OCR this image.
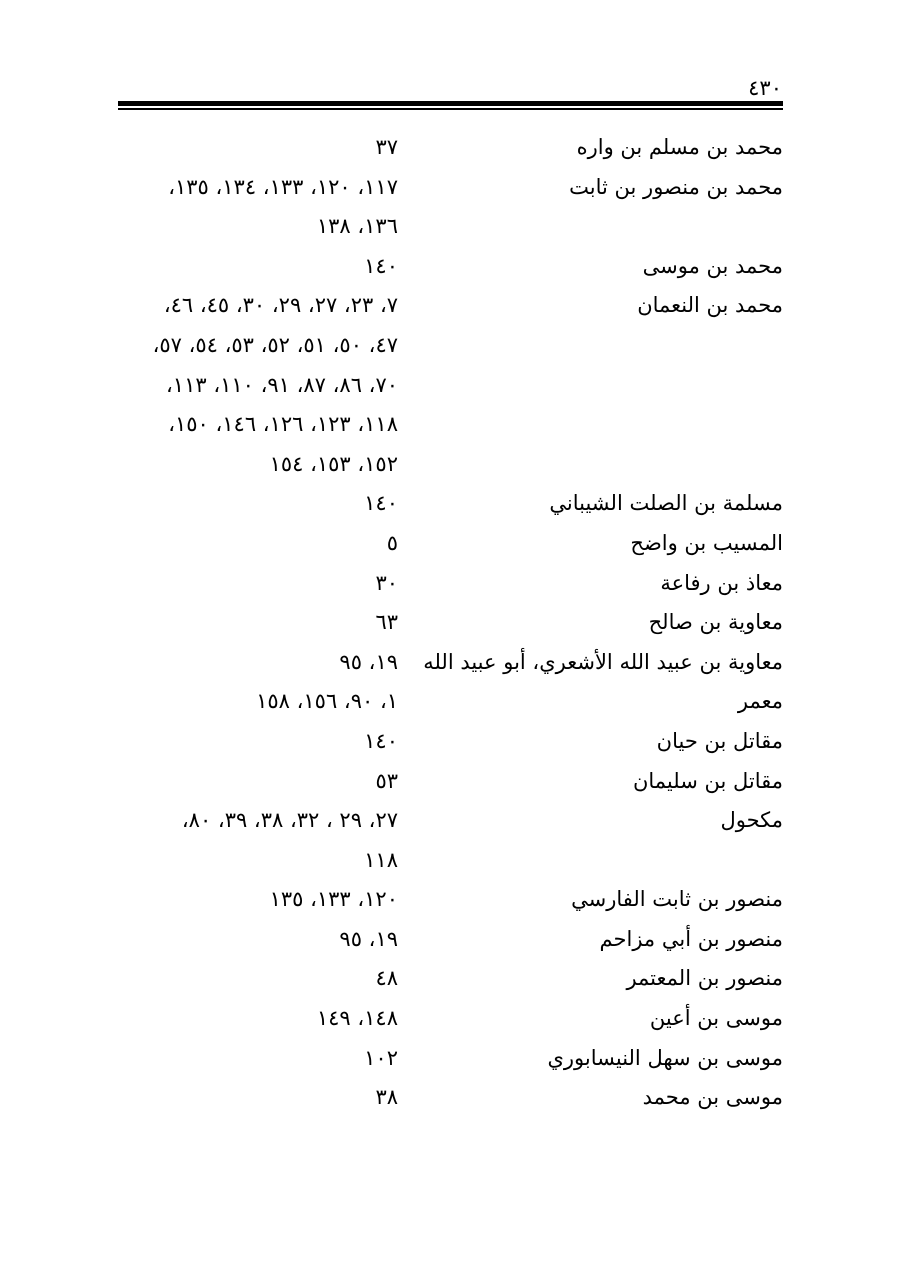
٤٣٠
محمد بن مسلم بن واره
٣٧
محمد بن منصور بن ثابت
١١٧، ١٢٠، ١٣٣، ١٣٤، ١٣٥،
١٣٦، ١٣٨
محمد بن موسى
١٤٠
محمد بن النعمان
٧، ٢٣، ٢٧، ٢٩، ٣٠، ٤٥، ٤٦،
٤٧، ٥٠، ٥١، ٥٢، ٥٣، ٥٤، ٥٧،
٧٠، ٨٦، ٨٧، ٩١، ١١٠، ١١٣،
١١٨، ١٢٣، ١٢٦، ١٤٦، ١٥٠،
١٥٢، ١٥٣، ١٥٤
مسلمة بن الصلت الشيباني
١٤٠
المسيب بن واضح
٥
معاذ بن رفاعة
٣٠
معاوية بن صالح
٦٣
معاوية بن عبيد الله الأشعري، أبو عبيد الله
١٩، ٩٥
معمر
١، ٩٠، ١٥٦، ١٥٨
مقاتل بن حيان
١٤٠
مقاتل بن سليمان
٥٣
مكحول
٢٧، ٢٩ ، ٣٢، ٣٨، ٣٩، ٨٠،
١١٨
منصور بن ثابت الفارسي
١٢٠، ١٣٣، ١٣٥
منصور بن أبي مزاحم
١٩، ٩٥
منصور بن المعتمر
٤٨
موسى بن أعين
١٤٨، ١٤٩
موسى بن سهل النيسابوري
١٠٢
موسى بن محمد
٣٨
